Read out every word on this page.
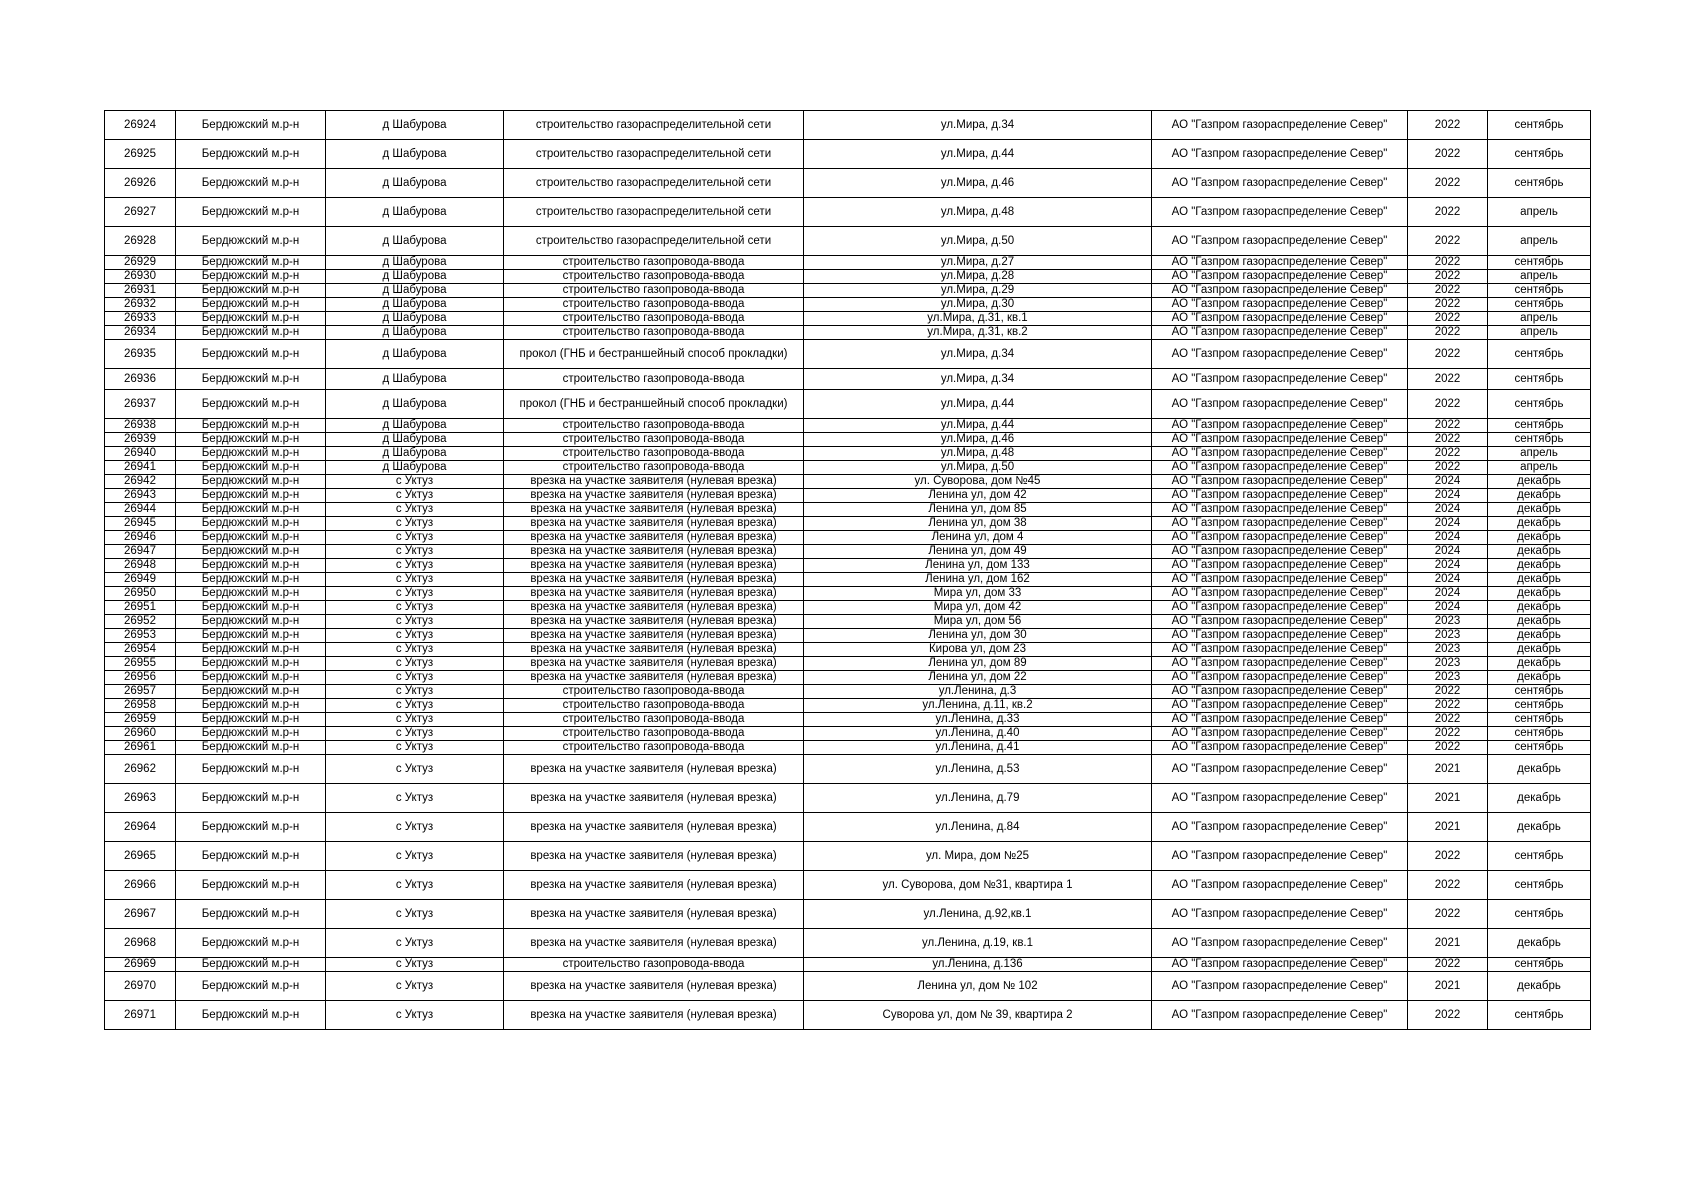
26924	Бердюжский м.р-н	д Шабурова	строительство газораспределительной сети	ул.Мира, д.34	АО "Газпром газораспределение Север"	2022	сентябрь
26925	Бердюжский м.р-н	д Шабурова	строительство газораспределительной сети	ул.Мира, д.44	АО "Газпром газораспределение Север"	2022	сентябрь
26926	Бердюжский м.р-н	д Шабурова	строительство газораспределительной сети	ул.Мира, д.46	АО "Газпром газораспределение Север"	2022	сентябрь
26927	Бердюжский м.р-н	д Шабурова	строительство газораспределительной сети	ул.Мира, д.48	АО "Газпром газораспределение Север"	2022	апрель
26928	Бердюжский м.р-н	д Шабурова	строительство газораспределительной сети	ул.Мира, д.50	АО "Газпром газораспределение Север"	2022	апрель
26929	Бердюжский м.р-н	д Шабурова	строительство газопровода-ввода	ул.Мира, д.27	АО "Газпром газораспределение Север"	2022	сентябрь
26930	Бердюжский м.р-н	д Шабурова	строительство газопровода-ввода	ул.Мира, д.28	АО "Газпром газораспределение Север"	2022	апрель
26931	Бердюжский м.р-н	д Шабурова	строительство газопровода-ввода	ул.Мира, д.29	АО "Газпром газораспределение Север"	2022	сентябрь
26932	Бердюжский м.р-н	д Шабурова	строительство газопровода-ввода	ул.Мира, д.30	АО "Газпром газораспределение Север"	2022	сентябрь
26933	Бердюжский м.р-н	д Шабурова	строительство газопровода-ввода	ул.Мира, д.31, кв.1	АО "Газпром газораспределение Север"	2022	апрель
26934	Бердюжский м.р-н	д Шабурова	строительство газопровода-ввода	ул.Мира, д.31, кв.2	АО "Газпром газораспределение Север"	2022	апрель
26935	Бердюжский м.р-н	д Шабурова	прокол (ГНБ и бестраншейный способ прокладки)	ул.Мира, д.34	АО "Газпром газораспределение Север"	2022	сентябрь
26936	Бердюжский м.р-н	д Шабурова	строительство газопровода-ввода	ул.Мира, д.34	АО "Газпром газораспределение Север"	2022	сентябрь
26937	Бердюжский м.р-н	д Шабурова	прокол (ГНБ и бестраншейный способ прокладки)	ул.Мира, д.44	АО "Газпром газораспределение Север"	2022	сентябрь
26938	Бердюжский м.р-н	д Шабурова	строительство газопровода-ввода	ул.Мира, д.44	АО "Газпром газораспределение Север"	2022	сентябрь
26939	Бердюжский м.р-н	д Шабурова	строительство газопровода-ввода	ул.Мира, д.46	АО "Газпром газораспределение Север"	2022	сентябрь
26940	Бердюжский м.р-н	д Шабурова	строительство газопровода-ввода	ул.Мира, д.48	АО "Газпром газораспределение Север"	2022	апрель
26941	Бердюжский м.р-н	д Шабурова	строительство газопровода-ввода	ул.Мира, д.50	АО "Газпром газораспределение Север"	2022	апрель
26942	Бердюжский м.р-н	с Уктуз	врезка на участке заявителя (нулевая врезка)	ул. Суворова, дом №45	АО "Газпром газораспределение Север"	2024	декабрь
26943	Бердюжский м.р-н	с Уктуз	врезка на участке заявителя (нулевая врезка)	Ленина ул, дом 42	АО "Газпром газораспределение Север"	2024	декабрь
26944	Бердюжский м.р-н	с Уктуз	врезка на участке заявителя (нулевая врезка)	Ленина ул, дом 85	АО "Газпром газораспределение Север"	2024	декабрь
26945	Бердюжский м.р-н	с Уктуз	врезка на участке заявителя (нулевая врезка)	Ленина ул, дом 38	АО "Газпром газораспределение Север"	2024	декабрь
26946	Бердюжский м.р-н	с Уктуз	врезка на участке заявителя (нулевая врезка)	Ленина ул, дом 4	АО "Газпром газораспределение Север"	2024	декабрь
26947	Бердюжский м.р-н	с Уктуз	врезка на участке заявителя (нулевая врезка)	Ленина ул, дом 49	АО "Газпром газораспределение Север"	2024	декабрь
26948	Бердюжский м.р-н	с Уктуз	врезка на участке заявителя (нулевая врезка)	Ленина ул, дом 133	АО "Газпром газораспределение Север"	2024	декабрь
26949	Бердюжский м.р-н	с Уктуз	врезка на участке заявителя (нулевая врезка)	Ленина ул, дом 162	АО "Газпром газораспределение Север"	2024	декабрь
26950	Бердюжский м.р-н	с Уктуз	врезка на участке заявителя (нулевая врезка)	Мира ул, дом 33	АО "Газпром газораспределение Север"	2024	декабрь
26951	Бердюжский м.р-н	с Уктуз	врезка на участке заявителя (нулевая врезка)	Мира ул, дом 42	АО "Газпром газораспределение Север"	2024	декабрь
26952	Бердюжский м.р-н	с Уктуз	врезка на участке заявителя (нулевая врезка)	Мира ул, дом 56	АО "Газпром газораспределение Север"	2023	декабрь
26953	Бердюжский м.р-н	с Уктуз	врезка на участке заявителя (нулевая врезка)	Ленина ул, дом 30	АО "Газпром газораспределение Север"	2023	декабрь
26954	Бердюжский м.р-н	с Уктуз	врезка на участке заявителя (нулевая врезка)	Кирова ул, дом 23	АО "Газпром газораспределение Север"	2023	декабрь
26955	Бердюжский м.р-н	с Уктуз	врезка на участке заявителя (нулевая врезка)	Ленина ул, дом 89	АО "Газпром газораспределение Север"	2023	декабрь
26956	Бердюжский м.р-н	с Уктуз	врезка на участке заявителя (нулевая врезка)	Ленина ул, дом 22	АО "Газпром газораспределение Север"	2023	декабрь
26957	Бердюжский м.р-н	с Уктуз	строительство газопровода-ввода	ул.Ленина, д.3	АО "Газпром газораспределение Север"	2022	сентябрь
26958	Бердюжский м.р-н	с Уктуз	строительство газопровода-ввода	ул.Ленина, д.11, кв.2	АО "Газпром газораспределение Север"	2022	сентябрь
26959	Бердюжский м.р-н	с Уктуз	строительство газопровода-ввода	ул.Ленина, д.33	АО "Газпром газораспределение Север"	2022	сентябрь
26960	Бердюжский м.р-н	с Уктуз	строительство газопровода-ввода	ул.Ленина, д.40	АО "Газпром газораспределение Север"	2022	сентябрь
26961	Бердюжский м.р-н	с Уктуз	строительство газопровода-ввода	ул.Ленина, д.41	АО "Газпром газораспределение Север"	2022	сентябрь
26962	Бердюжский м.р-н	с Уктуз	врезка на участке заявителя (нулевая врезка)	ул.Ленина, д.53	АО "Газпром газораспределение Север"	2021	декабрь
26963	Бердюжский м.р-н	с Уктуз	врезка на участке заявителя (нулевая врезка)	ул.Ленина, д.79	АО "Газпром газораспределение Север"	2021	декабрь
26964	Бердюжский м.р-н	с Уктуз	врезка на участке заявителя (нулевая врезка)	ул.Ленина, д.84	АО "Газпром газораспределение Север"	2021	декабрь
26965	Бердюжский м.р-н	с Уктуз	врезка на участке заявителя (нулевая врезка)	ул. Мира, дом №25	АО "Газпром газораспределение Север"	2022	сентябрь
26966	Бердюжский м.р-н	с Уктуз	врезка на участке заявителя (нулевая врезка)	ул. Суворова, дом №31, квартира 1	АО "Газпром газораспределение Север"	2022	сентябрь
26967	Бердюжский м.р-н	с Уктуз	врезка на участке заявителя (нулевая врезка)	ул.Ленина, д.92,кв.1	АО "Газпром газораспределение Север"	2022	сентябрь
26968	Бердюжский м.р-н	с Уктуз	врезка на участке заявителя (нулевая врезка)	ул.Ленина, д.19, кв.1	АО "Газпром газораспределение Север"	2021	декабрь
26969	Бердюжский м.р-н	с Уктуз	строительство газопровода-ввода	ул.Ленина, д.136	АО "Газпром газораспределение Север"	2022	сентябрь
26970	Бердюжский м.р-н	с Уктуз	врезка на участке заявителя (нулевая врезка)	Ленина ул, дом № 102	АО "Газпром газораспределение Север"	2021	декабрь
26971	Бердюжский м.р-н	с Уктуз	врезка на участке заявителя (нулевая врезка)	Суворова ул, дом № 39, квартира 2	АО "Газпром газораспределение Север"	2022	сентябрь
